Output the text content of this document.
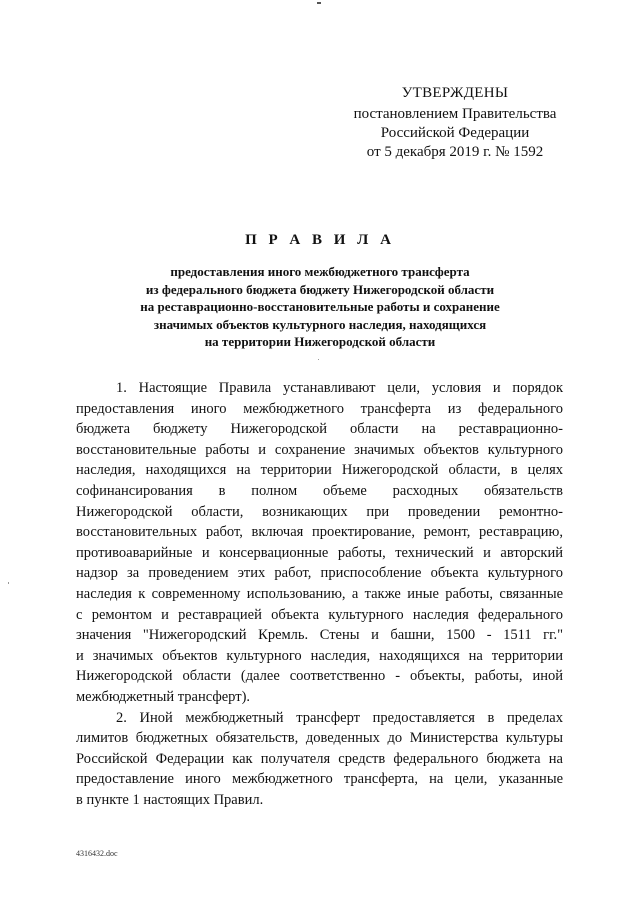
УТВЕРЖДЕНЫ
постановлением Правительства
Российской Федерации
от 5 декабря 2019 г. № 1592
П Р А В И Л А
предоставления иного межбюджетного трансферта
из федерального бюджета бюджету Нижегородской области
на реставрационно-восстановительные работы и сохранение
значимых объектов культурного наследия, находящихся
на территории Нижегородской области
1. Настоящие Правила устанавливают цели, условия и порядок
предоставления иного межбюджетного трансферта из федерального
бюджета бюджету Нижегородской области на реставрационно-
восстановительные работы и сохранение значимых объектов культурного
наследия, находящихся на территории Нижегородской области, в целях
софинансирования в полном объеме расходных обязательств
Нижегородской области, возникающих при проведении ремонтно-
восстановительных работ, включая проектирование, ремонт, реставрацию,
противоаварийные и консервационные работы, технический и авторский
надзор за проведением этих работ, приспособление объекта культурного
наследия к современному использованию, а также иные работы, связанные
с ремонтом и реставрацией объекта культурного наследия федерального
значения "Нижегородский Кремль. Стены и башни, 1500 - 1511 гг."
и значимых объектов культурного наследия, находящихся на территории
Нижегородской области (далее соответственно - объекты, работы, иной
межбюджетный трансферт).
2. Иной межбюджетный трансферт предоставляется в пределах
лимитов бюджетных обязательств, доведенных до Министерства культуры
Российской Федерации как получателя средств федерального бюджета на
предоставление иного межбюджетного трансферта, на цели, указанные
в пункте 1 настоящих Правил.
4316432.doc
